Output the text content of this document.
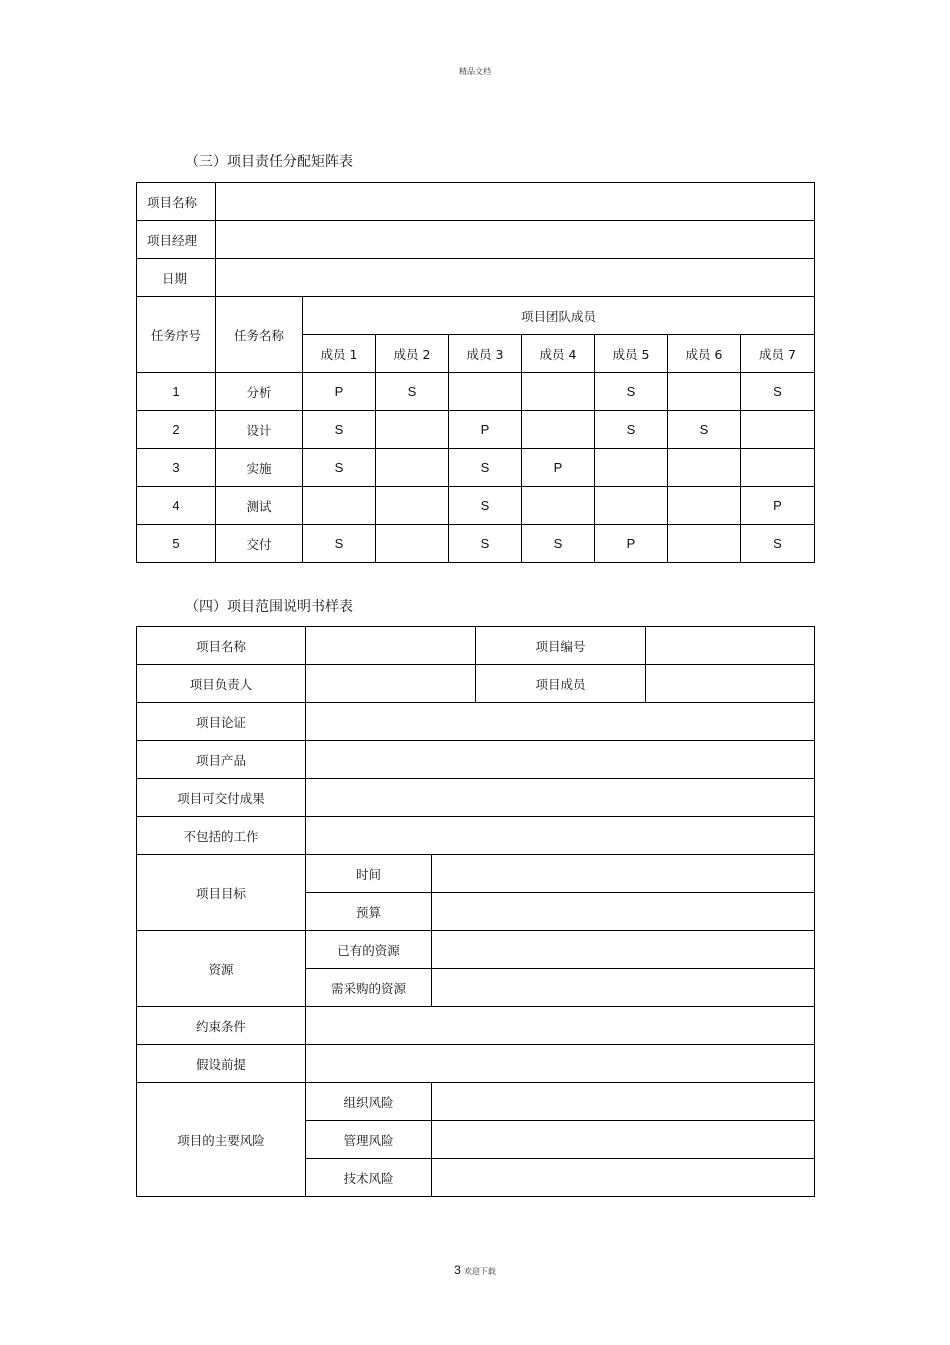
精品文档
（三）项目责任分配矩阵表
项目名称								
项目经理								
日期								
任务序号	任务名称	项目团队成员						
		成员 1	成员 2	成员 3	成员 4	成员 5	成员 6	成员 7
1	分析	P	S			S		S
2	设计	S		P		S	S	
3	实施	S		S	P			
4	测试			S				P
5	交付	S		S	S	P		S
（四）项目范围说明书样表
项目名称			项目编号	
项目负责人			项目成员	
项目论证				
项目产品				
项目可交付成果				
不包括的工作				
项目目标	时间			
	预算			
资源	已有的资源			
	需采购的资源			
约束条件				
假设前提				
项目的主要风险	组织风险			
	管理风险			
	技术风险			
3 欢迎下载
